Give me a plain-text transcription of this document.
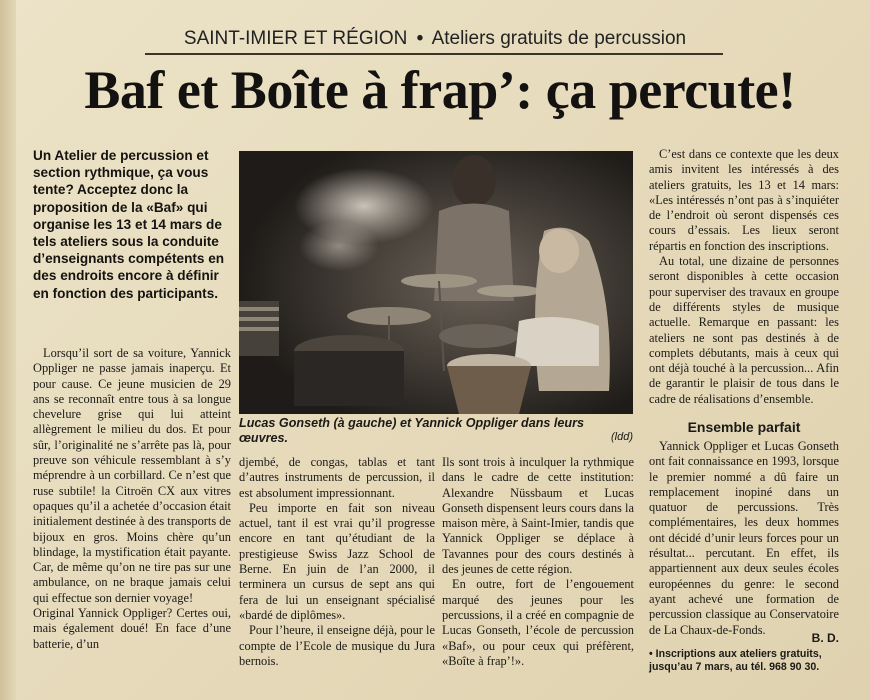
SAINT-IMIER ET RÉGION • Ateliers gratuits de percussion
Baf et Boîte à frap’: ça percute!
Un Atelier de percussion et section rythmique, ça vous tente? Acceptez donc la proposition de la «Baf» qui organise les 13 et 14 mars de tels ateliers sous la conduite d’enseignants compétents en des endroits encore à définir en fonction des participants.

Lorsqu’il sort de sa voiture, Yannick Oppliger ne passe jamais inaperçu. Et pour cause. Ce jeune musicien de 29 ans se reconnaît entre tous à sa longue chevelure grise qui lui atteint allègrement le milieu du dos. Et pour sûr, l’originalité ne s’arrête pas là, pour preuve son véhicule ressemblant à s’y méprendre à un corbillard. Ce n’est que ruse subtile! la Citroën CX aux vitres opaques qu’il a achetée d’occasion était initialement destinée à des transports de bijoux en gros. Moins chère qu’un blindage, la mystification était payante. Car, de même qu’on ne tire pas sur une ambulance, on ne braque jamais celui qui effectue son dernier voyage!

Original Yannick Oppliger? Certes oui, mais également doué! En face d’une batterie, d’un

Lucas Gonseth (à gauche) et Yannick Oppliger dans leurs œuvres.	(ldd)

djembé, de congas, tablas et tant d’autres instruments de percussion, il est absolument impressionnant.

Peu importe en fait son niveau actuel, tant il est vrai qu’il progresse encore en tant qu’étudiant de la prestigieuse Swiss Jazz School de Berne. En juin de l’an 2000, il terminera un cursus de sept ans qui fera de lui un enseignant spécialisé «bardé de diplômes».

Pour l’heure, il enseigne déjà, pour le compte de l’Ecole de musique du Jura bernois.

Ils sont trois à inculquer la rythmique dans le cadre de cette institution: Alexandre Nüssbaum et Lucas Gonseth dispensent leurs cours dans la maison mère, à Saint-Imier, tandis que Yannick Oppliger se déplace à Tavannes pour des cours destinés à des jeunes de cette région.

En outre, fort de l’engouement marqué des jeunes pour les percussions, il a créé en compagnie de Lucas Gonseth, l’école de percussion «Baf», ou pour ceux qui préfèrent, «Boîte à frap’!».

C’est dans ce contexte que les deux amis invitent les intéressés à des ateliers gratuits, les 13 et 14 mars: «Les intéressés n’ont pas à s’inquiéter de l’endroit où seront dispensés ces cours d’essais. Les lieux seront répartis en fonction des inscriptions.

Au total, une dizaine de personnes seront disponibles à cette occasion pour superviser des travaux en groupe de différents styles de musique actuelle. Remarque en passant: les ateliers ne sont pas destinés à de complets débutants, mais à ceux qui ont déjà touché à la percussion... Afin de garantir le plaisir de tous dans le cadre de réalisations d’ensemble.

Ensemble parfait

Yannick Oppliger et Lucas Gonseth ont fait connaissance en 1993, lorsque le premier nommé a dû faire un remplacement inopiné dans un quatuor de percussions. Très complémentaires, les deux hommes ont décidé d’unir leurs forces pour un résultat... percutant. En effet, ils appartiennent aux deux seules écoles européennes du genre: le second ayant achevé une formation de percussion classique au Conservatoire de La Chaux-de-Fonds.

B. D.
• Inscriptions aux ateliers gratuits, jusqu’au 7 mars, au tél. 968 90 30.
